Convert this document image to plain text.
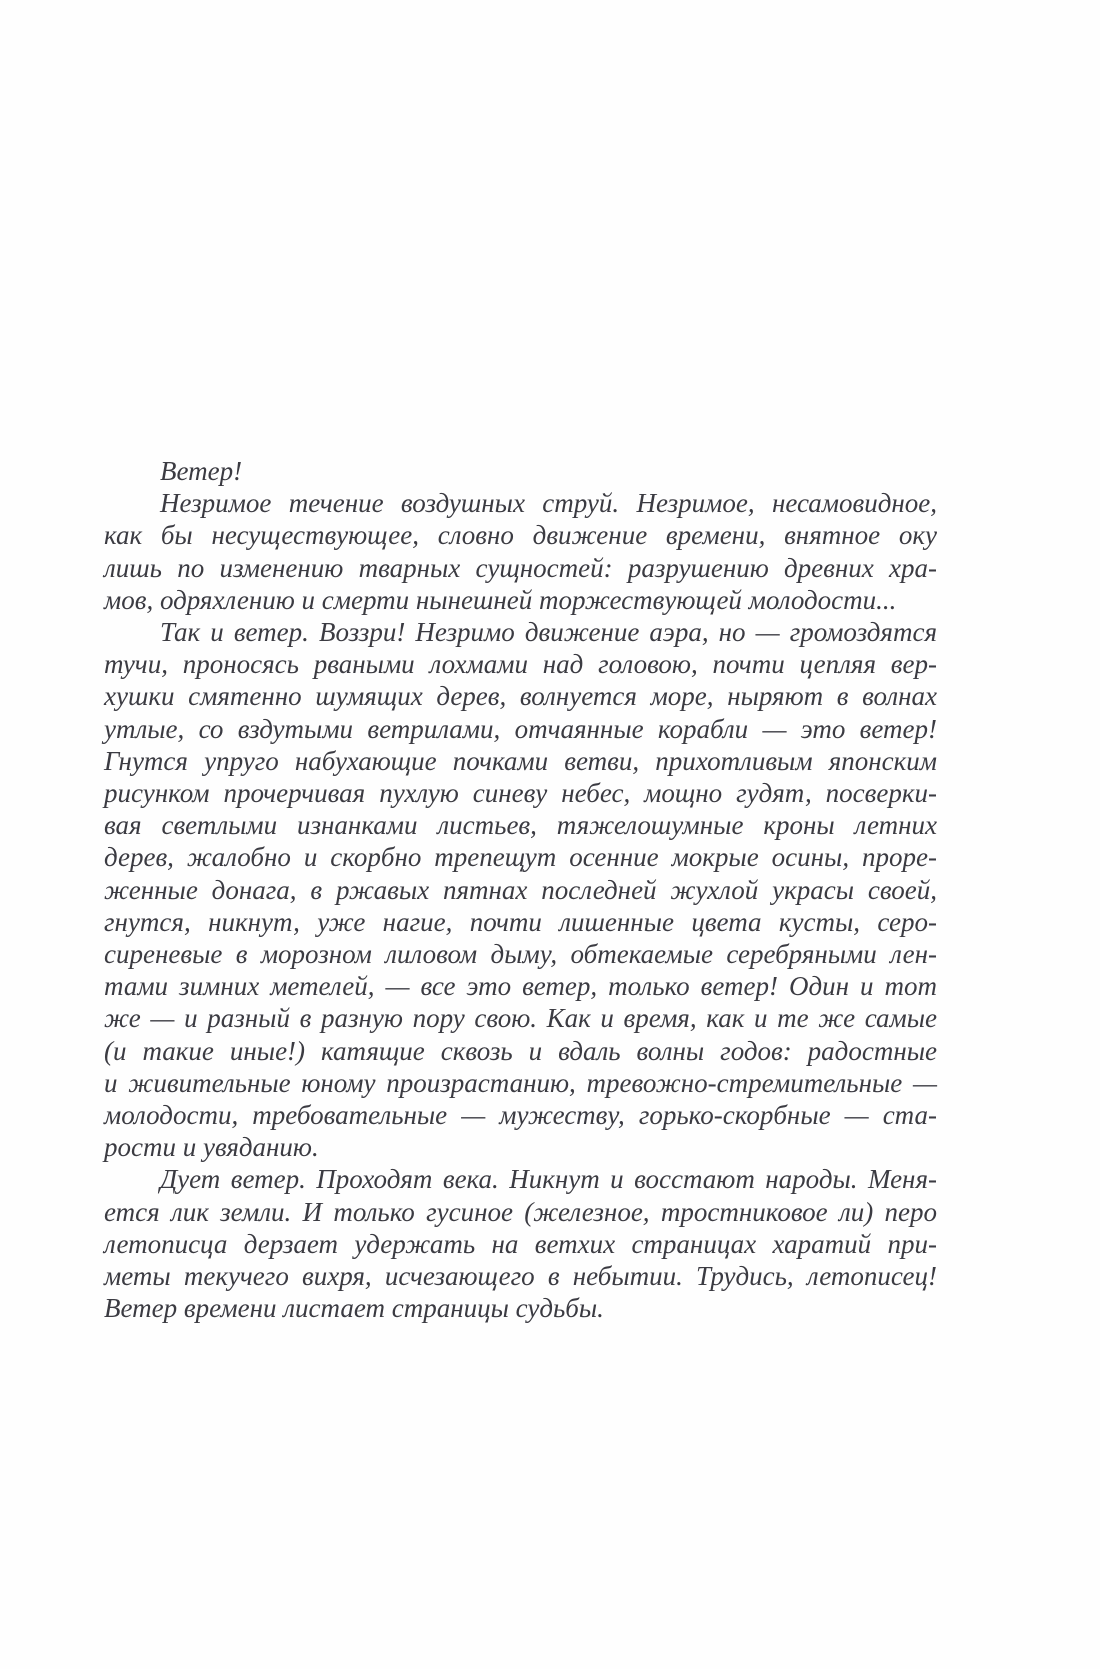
Ветер!

Незримое течение воздушных струй. Незримое, несамовидное,
как бы несуществующее, словно движение времени, внятное оку
лишь по изменению тварных сущностей: разрушению древних хра-
мов, одряхлению и смерти нынешней торжествующей молодости...

Так и ветер. Воззри! Незримо движение аэра, но — громоздятся
тучи, проносясь рваными лохмами над головою, почти цепляя вер-
хушки смятенно шумящих дерев, волнуется море, ныряют в волнах
утлые, со вздутыми ветрилами, отчаянные корабли — это ветер!
Гнутся упруго набухающие почками ветви, прихотливым японским
рисунком прочерчивая пухлую синеву небес, мощно гудят, посверки-
вая светлыми изнанками листьев, тяжелошумные кроны летних
дерев, жалобно и скорбно трепещут осенние мокрые осины, проре-
женные донага, в ржавых пятнах последней жухлой украсы своей,
гнутся, никнут, уже нагие, почти лишенные цвета кусты, серо-
сиреневые в морозном лиловом дыму, обтекаемые серебряными лен-
тами зимних метелей, — все это ветер, только ветер! Один и тот
же — и разный в разную пору свою. Как и время, как и те же самые
(и такие иные!) катящие сквозь и вдаль волны годов: радостные
и живительные юному произрастанию, тревожно-стремительные —
молодости, требовательные — мужеству, горько-скорбные — ста-
рости и увяданию.

Дует ветер. Проходят века. Никнут и восстают народы. Меня-
ется лик земли. И только гусиное (железное, тростниковое ли) перо
летописца дерзает удержать на ветхих страницах харатий при-
меты текучего вихря, исчезающего в небытии. Трудись, летописец!
Ветер времени листает страницы судьбы.
